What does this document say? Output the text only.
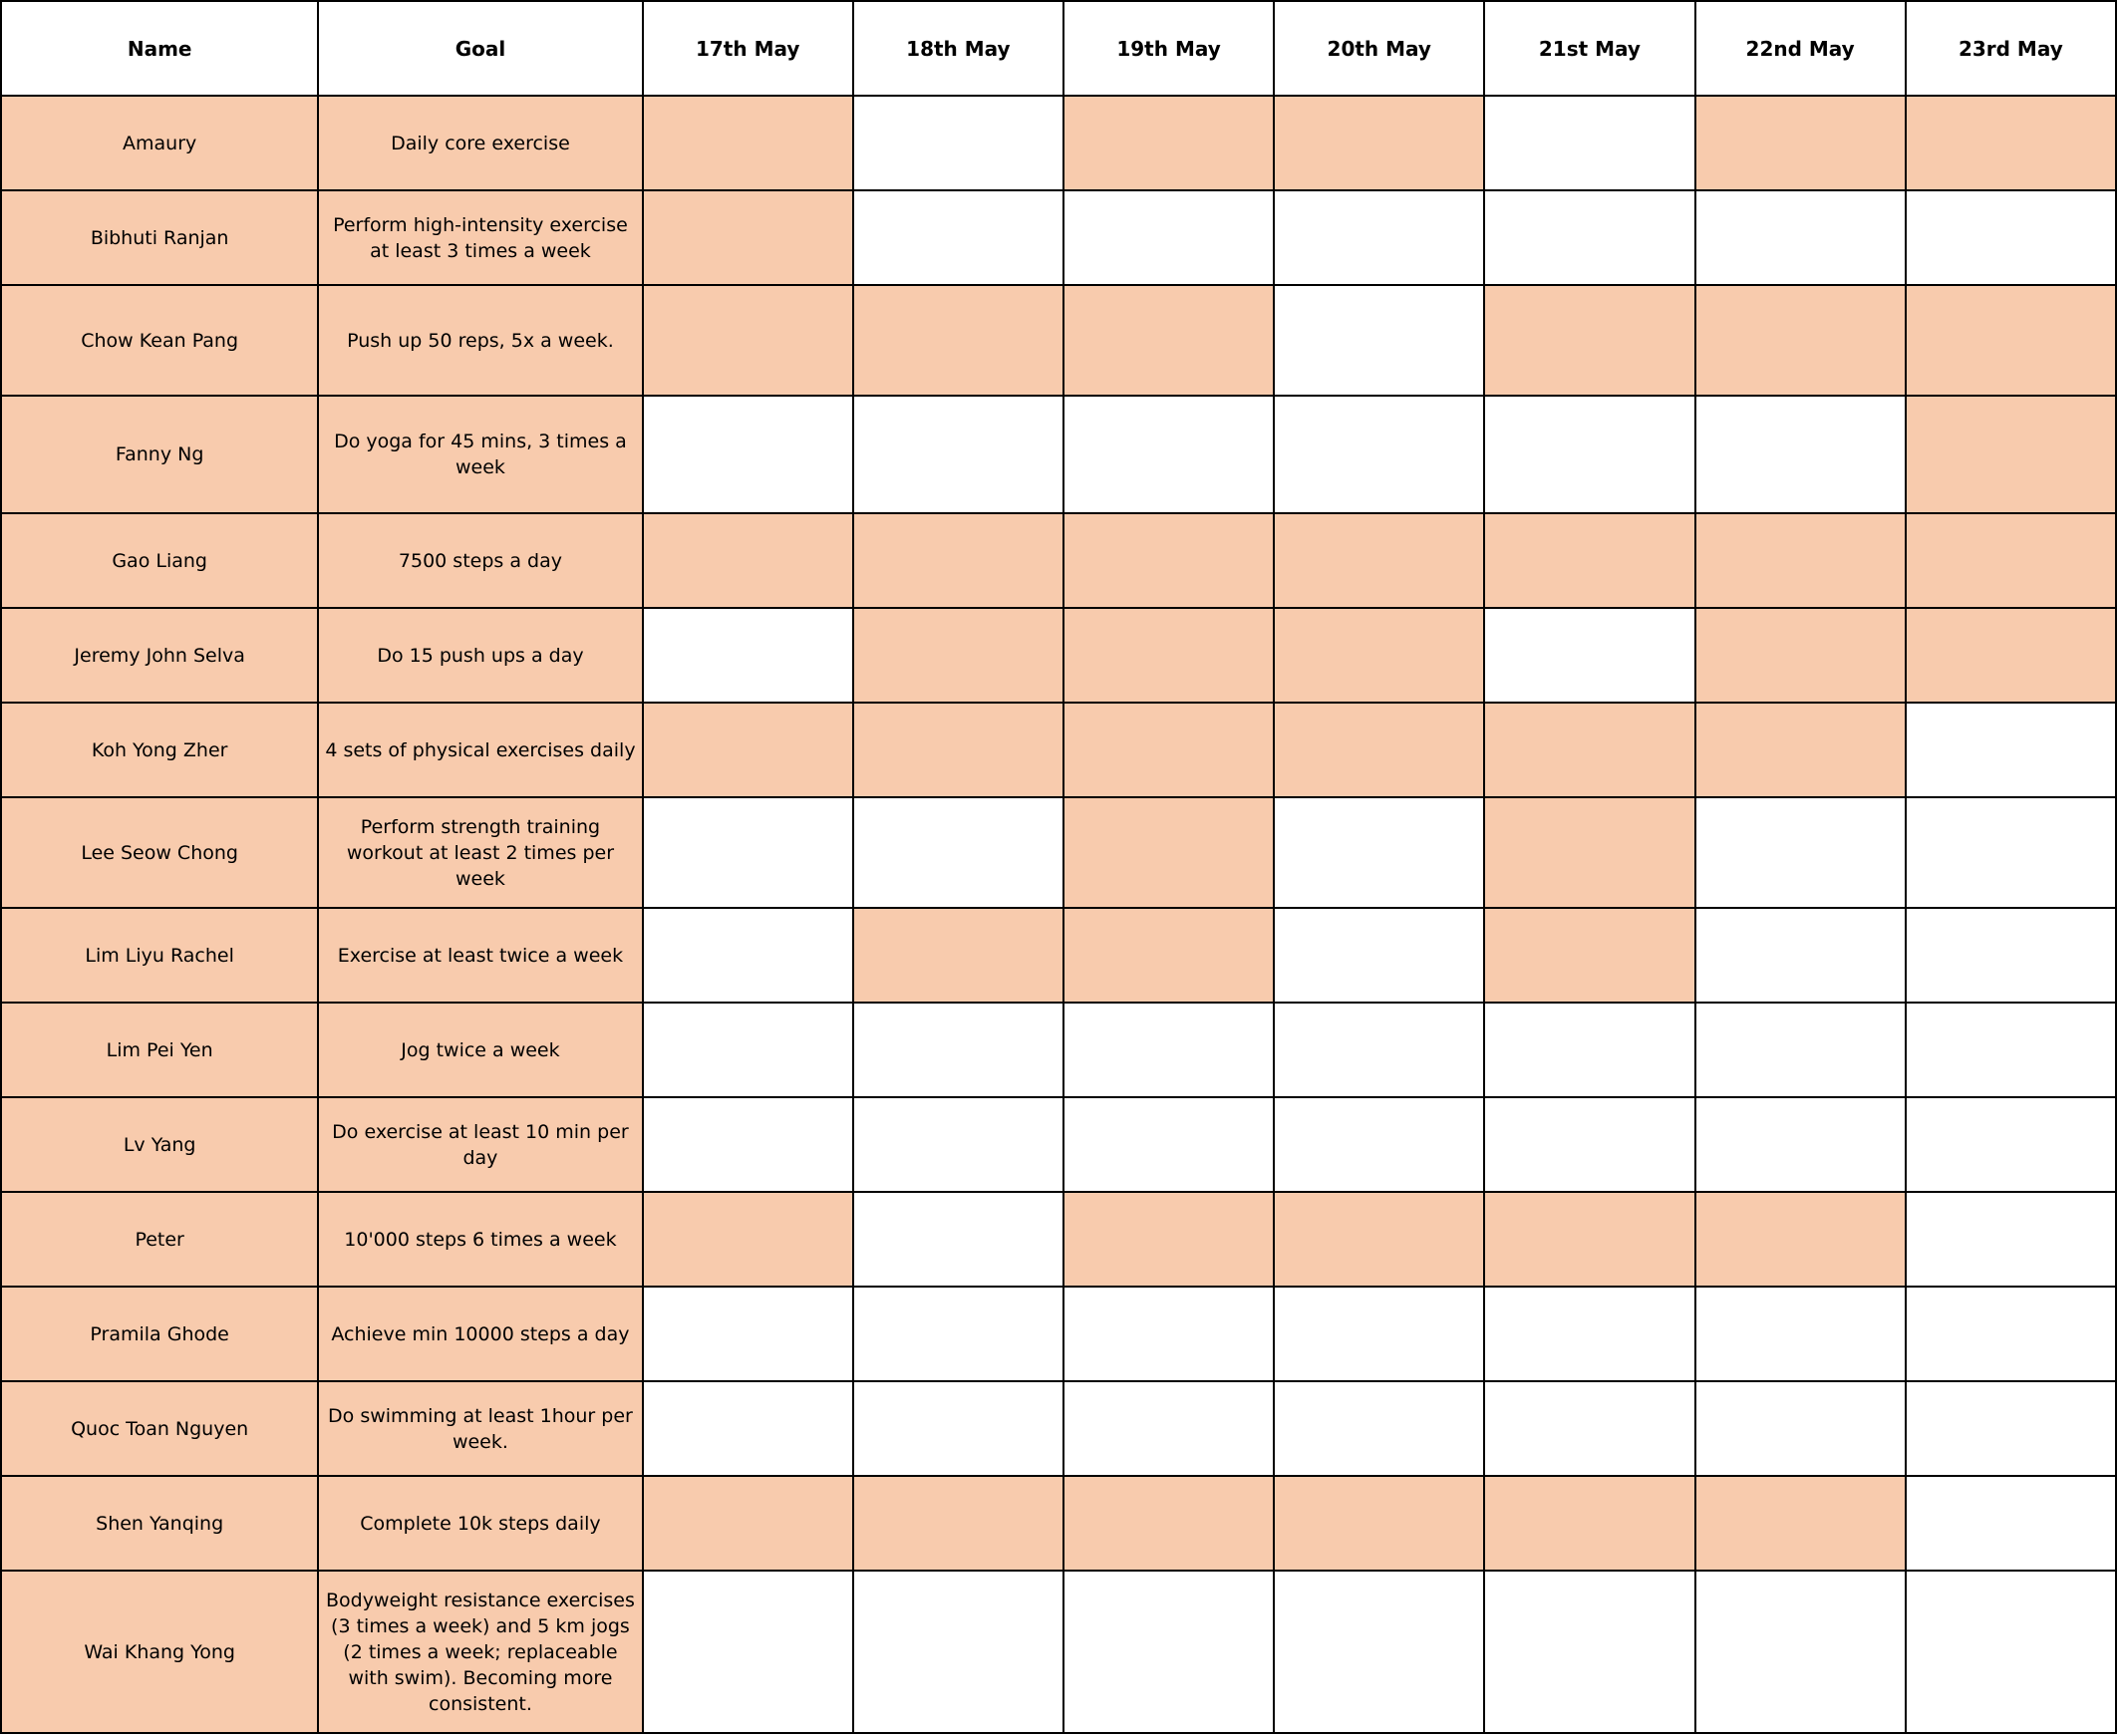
Name	Goal	17th May	18th May	19th May	20th May	21st May	22nd May	23rd May
Amaury	Daily core exercise							
Bibhuti Ranjan	Perform high-intensity exercise at least 3 times a week							
Chow Kean Pang	Push up 50 reps, 5x a week.							
Fanny Ng	Do yoga for 45 mins, 3 times a week							
Gao Liang	7500 steps a day							
Jeremy John Selva	Do 15 push ups a day							
Koh Yong Zher	4 sets of physical exercises daily							
Lee Seow Chong	Perform strength training workout at least 2 times per week							
Lim Liyu Rachel	Exercise at least twice a week							
Lim Pei Yen	Jog twice a week							
Lv Yang	Do exercise at least 10 min per day							
Peter	10'000 steps 6 times a week							
Pramila Ghode	Achieve min 10000 steps a day							
Quoc Toan Nguyen	Do swimming at least 1hour per week.							
Shen Yanqing	Complete 10k steps daily							
Wai Khang Yong	Bodyweight resistance exercises (3 times a week) and 5 km jogs (2 times a week; replaceable with swim). Becoming more consistent.							
